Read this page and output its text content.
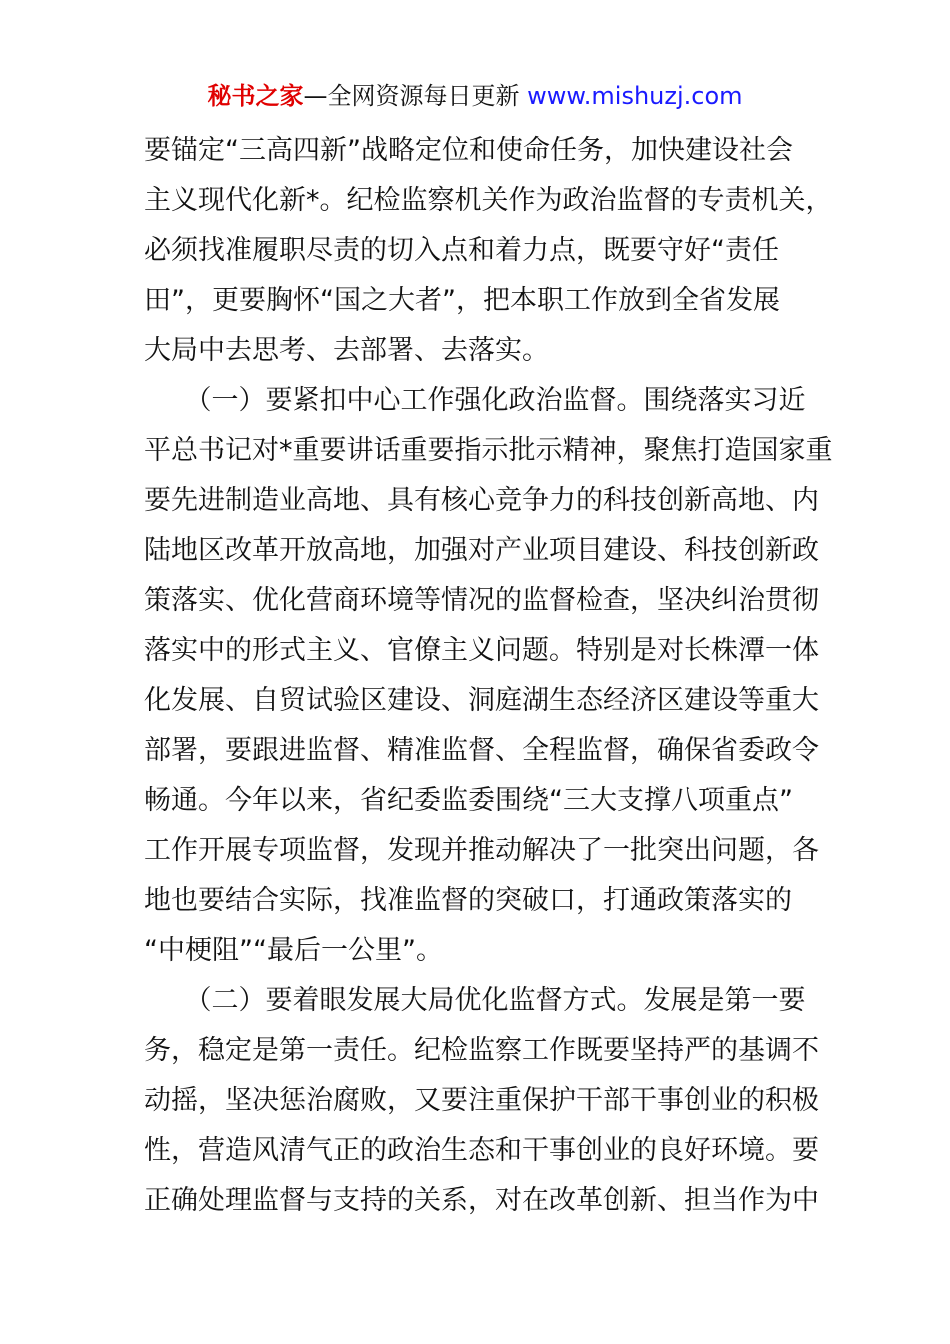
秘书之家—全网资源每日更新 www.mishuzj.com
要锚定“三高四新”战略定位和使命任务，加快建设社会
主义现代化新*。纪检监察机关作为政治监督的专责机关，
必须找准履职尽责的切入点和着力点，既要守好“责任
田”，更要胸怀“国之大者”，把本职工作放到全省发展
大局中去思考、去部署、去落实。
　　（一）要紧扣中心工作强化政治监督。围绕落实习近
平总书记对*重要讲话重要指示批示精神，聚焦打造国家重
要先进制造业高地、具有核心竞争力的科技创新高地、内
陆地区改革开放高地，加强对产业项目建设、科技创新政
策落实、优化营商环境等情况的监督检查，坚决纠治贯彻
落实中的形式主义、官僚主义问题。特别是对长株潭一体
化发展、自贸试验区建设、洞庭湖生态经济区建设等重大
部署，要跟进监督、精准监督、全程监督，确保省委政令
畅通。今年以来，省纪委监委围绕“三大支撑八项重点”
工作开展专项监督，发现并推动解决了一批突出问题，各
地也要结合实际，找准监督的突破口，打通政策落实的
“中梗阻”“最后一公里”。
　　（二）要着眼发展大局优化监督方式。发展是第一要
务，稳定是第一责任。纪检监察工作既要坚持严的基调不
动摇，坚决惩治腐败，又要注重保护干部干事创业的积极
性，营造风清气正的政治生态和干事创业的良好环境。要
正确处理监督与支持的关系，对在改革创新、担当作为中
